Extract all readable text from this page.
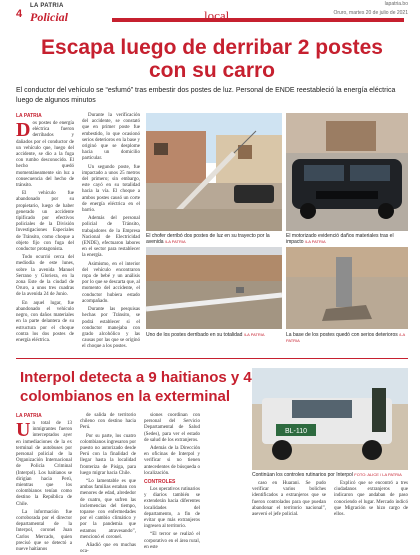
4
LA PATRIA
Policial	local
lapatria.bo
Oruro, martes 20 de julio de 2021
Escapa luego de derribar 2 postes con su carro

El conductor del vehículo se “esfumó” tras embestir dos postes de luz. Personal de ENDE reestableció la energía eléctrica luego de algunos minutos

LA PATRIA
D os postes de energía eléctrica fueron derribados y dañados por el conductor de un vehículo que, luego del accidente, se dio a la fuga con rumbo desconocido. El hecho quedó momentáneamente sin luz a consecuencia del hecho de tránsito.

El vehículo fue abandonado por su propietario, luego de haber generado un accidente tipificado por efectivos policiales de la División Investigaciones Especiales de Tránsito, como choque a objeto fijo con fuga del conductor protagonista.

Todo ocurrió cerca del mediodía de este lunes, sobre la avenida Manuel Serrano y Gloriera, en la zona Este de la ciudad de Oruro, a unos tres cuadras de la avenida 24 de Junio.

En aquel lugar, fue abandonado el vehículo negro, con daños materiales en la parte delantera de su estructura por el choque contra los dos postes de energía eléctrica.

Durante la verificación del accidente, se constató que en primer poste fue embestido, lo que ocasionó serios deterioros en la base y originó que se desplome hacia un domicilio particular.

Un segundo poste, fue impactado a unos 25 metros del primero; sin embargo, este cayó en su totalidad hacia la vía. El choque a ambos postes causó un corte de energía eléctrica en el barrio.

Además del personal policial de Tránsito, trabajadores de la Empresa Nacional de Electricidad (ENDE), efectuaron labores en el sector para restablecer la energía.

Asimismo, en el interior del vehículo encontraron ropa de bebé y un análisis por lo que se descarta que, al momento del accidente, el conductor hubiera estado acompañado.

Durante las pesquisas hechas por Tránsito, se podrá establecer si el conductor manejaba con grado alcohólico y las causas por las que se originó el choque a los postes.

El chofer derribó dos postes de luz en su trayecto por la avenida /LA PATRIA
El motorizado evidenció daños materiales tras el impacto /LA PATRIA
Uno de los postes derribado en su totalidad /LA PATRIA	La base de los postes quedó con serios deterioros /LA PATRIA
Interpol detecta a 9 haitianos y 4 colombianos en la exterminal
BL-110
Continúan los controles rutinarios por Interpol FOTO: ALICE / LA PATRIA
LA PATRIA
U n total de 13 inmigrantes fueron interceptados ayer en inmediaciones de la ex terminal de autobuses por personal policial de la Organización Internacional de Policía Criminal (Interpol). Los haitianos se dirigían hacia Perú, mientras que los colombianos tenían como destino la República de Chile.

La información fue corroborada por el director departamental de la Interpol, coronel Juan Carlos Mercado, quien precisó que se detectó a nueve haitianos

de salida de territorio chileno con destino hacia Perú.

Por su parte, los cuatro colombianos ingresaron por puesto no autorizado desde Perú con la finalidad de llegar hasta la localidad fronteriza de Pisiga, para luego migrar hacia Chile.

“Lo lamentable es que ambas familias estaban con menores de edad, alrededor de cuatro, que sufren las inclemencias del tiempo, toparse con enfermedades por el cambio climático y por la pandemia que estamos atravesando”, mencionó el coronel.

Añadió que en muchas oca-

siones coordinan con personal del Servicio Departamental de Salud (Sedes), para ver el estado de salud de los extranjeros.

Además de la Dirección en oficinas de Interpol y verificar si no tienen antecedentes de búsqueda o localización.

CONTROLES

Los operativos rutinarios y diarios también se extenderán hacia diferentes localidades del departamento, a fin de evitar que más extranjeros ingresen al territorio.

“El terror se realizó el corporativo en el área rural, en este

caso en Huarani. Se pudo verificar varios boliches identificados a extranjeros que se fueron controlados para que puedan abandonar el territorio nacional”, aseveró el jefe policial.

Explicó que se encontró a tres ciudadanos extranjeros que indicaron que andaban de paso conociendo el lugar. Mercado indicó que Migración se hizo cargo de ellos.
